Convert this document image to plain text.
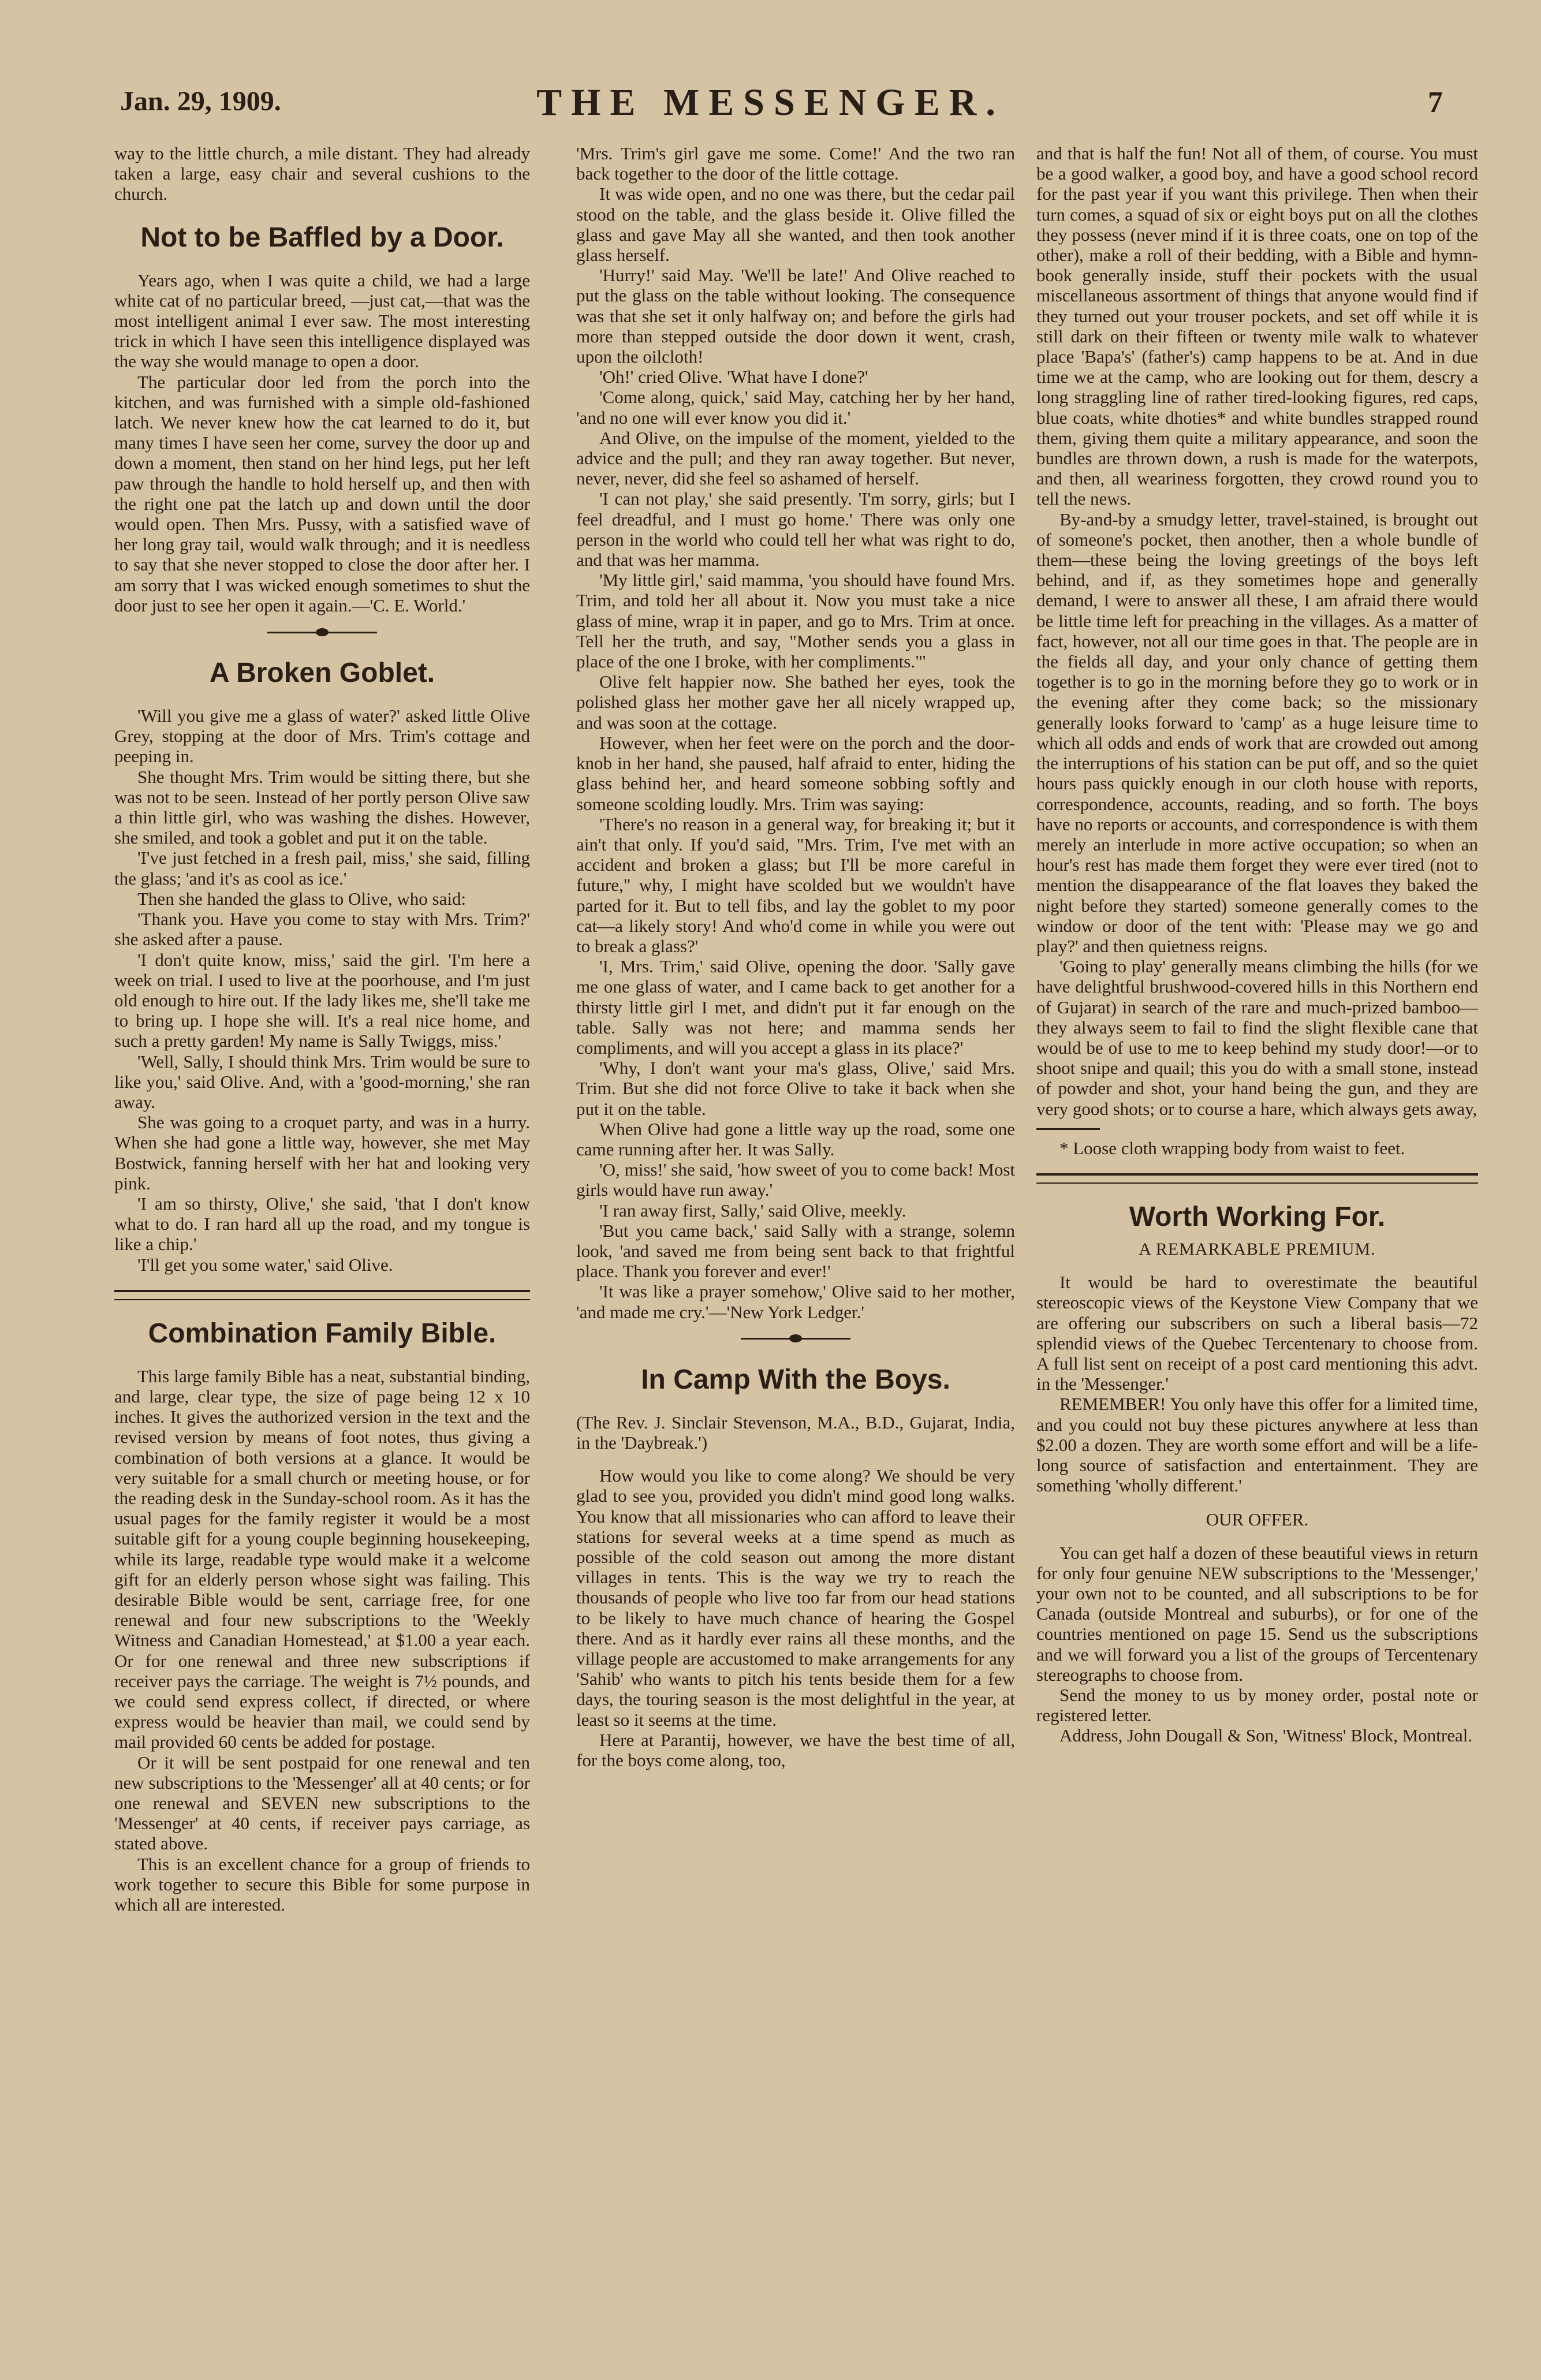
Jan. 29, 1909.	THE MESSENGER.	7

way to the little church, a mile distant. They had already taken a large, easy chair and several cushions to the church.

Not to be Baffled by a Door.

Years ago, when I was quite a child, we had a large white cat of no particular breed, —just cat,—that was the most intelligent animal I ever saw. The most interesting trick in which I have seen this intelligence displayed was the way she would manage to open a door.

The particular door led from the porch into the kitchen, and was furnished with a simple old-fashioned latch. We never knew how the cat learned to do it, but many times I have seen her come, survey the door up and down a moment, then stand on her hind legs, put her left paw through the handle to hold herself up, and then with the right one pat the latch up and down until the door would open. Then Mrs. Pussy, with a satisfied wave of her long gray tail, would walk through; and it is needless to say that she never stopped to close the door after her. I am sorry that I was wicked enough sometimes to shut the door just to see her open it again.—'C. E. World.'

A Broken Goblet.

'Will you give me a glass of water?' asked little Olive Grey, stopping at the door of Mrs. Trim's cottage and peeping in.

She thought Mrs. Trim would be sitting there, but she was not to be seen. Instead of her portly person Olive saw a thin little girl, who was washing the dishes. However, she smiled, and took a goblet and put it on the table.

'I've just fetched in a fresh pail, miss,' she said, filling the glass; 'and it's as cool as ice.'

Then she handed the glass to Olive, who said:

'Thank you. Have you come to stay with Mrs. Trim?' she asked after a pause.

'I don't quite know, miss,' said the girl. 'I'm here a week on trial. I used to live at the poorhouse, and I'm just old enough to hire out. If the lady likes me, she'll take me to bring up. I hope she will. It's a real nice home, and such a pretty garden! My name is Sally Twiggs, miss.'

'Well, Sally, I should think Mrs. Trim would be sure to like you,' said Olive. And, with a 'good-morning,' she ran away.

She was going to a croquet party, and was in a hurry. When she had gone a little way, however, she met May Bostwick, fanning herself with her hat and looking very pink.

'I am so thirsty, Olive,' she said, 'that I don't know what to do. I ran hard all up the road, and my tongue is like a chip.'

'I'll get you some water,' said Olive.

Combination Family Bible.

This large family Bible has a neat, substantial binding, and large, clear type, the size of page being 12 x 10 inches. It gives the authorized version in the text and the revised version by means of foot notes, thus giving a combination of both versions at a glance. It would be very suitable for a small church or meeting house, or for the reading desk in the Sunday-school room. As it has the usual pages for the family register it would be a most suitable gift for a young couple beginning housekeeping, while its large, readable type would make it a welcome gift for an elderly person whose sight was failing. This desirable Bible would be sent, carriage free, for one renewal and four new subscriptions to the 'Weekly Witness and Canadian Homestead,' at $1.00 a year each. Or for one renewal and three new subscriptions if receiver pays the carriage. The weight is 7½ pounds, and we could send express collect, if directed, or where express would be heavier than mail, we could send by mail provided 60 cents be added for postage.

Or it will be sent postpaid for one renewal and ten new subscriptions to the 'Messenger' all at 40 cents; or for one renewal and SEVEN new subscriptions to the 'Messenger' at 40 cents, if receiver pays carriage, as stated above.

This is an excellent chance for a group of friends to work together to secure this Bible for some purpose in which all are interested.

'Mrs. Trim's girl gave me some. Come!' And the two ran back together to the door of the little cottage.

It was wide open, and no one was there, but the cedar pail stood on the table, and the glass beside it. Olive filled the glass and gave May all she wanted, and then took another glass herself.

'Hurry!' said May. 'We'll be late!' And Olive reached to put the glass on the table without looking. The consequence was that she set it only halfway on; and before the girls had more than stepped outside the door down it went, crash, upon the oilcloth!

'Oh!' cried Olive. 'What have I done?'

'Come along, quick,' said May, catching her by her hand, 'and no one will ever know you did it.'

And Olive, on the impulse of the moment, yielded to the advice and the pull; and they ran away together. But never, never, never, did she feel so ashamed of herself.

'I can not play,' she said presently. 'I'm sorry, girls; but I feel dreadful, and I must go home.' There was only one person in the world who could tell her what was right to do, and that was her mamma.

'My little girl,' said mamma, 'you should have found Mrs. Trim, and told her all about it. Now you must take a nice glass of mine, wrap it in paper, and go to Mrs. Trim at once. Tell her the truth, and say, "Mother sends you a glass in place of the one I broke, with her compliments."'

Olive felt happier now. She bathed her eyes, took the polished glass her mother gave her all nicely wrapped up, and was soon at the cottage.

However, when her feet were on the porch and the door-knob in her hand, she paused, half afraid to enter, hiding the glass behind her, and heard someone sobbing softly and someone scolding loudly. Mrs. Trim was saying:

'There's no reason in a general way, for breaking it; but it ain't that only. If you'd said, "Mrs. Trim, I've met with an accident and broken a glass; but I'll be more careful in future," why, I might have scolded but we wouldn't have parted for it. But to tell fibs, and lay the goblet to my poor cat—a likely story! And who'd come in while you were out to break a glass?'

'I, Mrs. Trim,' said Olive, opening the door. 'Sally gave me one glass of water, and I came back to get another for a thirsty little girl I met, and didn't put it far enough on the table. Sally was not here; and mamma sends her compliments, and will you accept a glass in its place?'

'Why, I don't want your ma's glass, Olive,' said Mrs. Trim. But she did not force Olive to take it back when she put it on the table.

When Olive had gone a little way up the road, some one came running after her. It was Sally.

'O, miss!' she said, 'how sweet of you to come back! Most girls would have run away.'

'I ran away first, Sally,' said Olive, meekly.

'But you came back,' said Sally with a strange, solemn look, 'and saved me from being sent back to that frightful place. Thank you forever and ever!'

'It was like a prayer somehow,' Olive said to her mother, 'and made me cry.'—'New York Ledger.'

In Camp With the Boys.

(The Rev. J. Sinclair Stevenson, M.A., B.D., Gujarat, India, in the 'Daybreak.')

How would you like to come along? We should be very glad to see you, provided you didn't mind good long walks. You know that all missionaries who can afford to leave their stations for several weeks at a time spend as much as possible of the cold season out among the more distant villages in tents. This is the way we try to reach the thousands of people who live too far from our head stations to be likely to have much chance of hearing the Gospel there. And as it hardly ever rains all these months, and the village people are accustomed to make arrangements for any 'Sahib' who wants to pitch his tents beside them for a few days, the touring season is the most delightful in the year, at least so it seems at the time.

Here at Parantij, however, we have the best time of all, for the boys come along, too,

and that is half the fun! Not all of them, of course. You must be a good walker, a good boy, and have a good school record for the past year if you want this privilege. Then when their turn comes, a squad of six or eight boys put on all the clothes they possess (never mind if it is three coats, one on top of the other), make a roll of their bedding, with a Bible and hymn-book generally inside, stuff their pockets with the usual miscellaneous assortment of things that anyone would find if they turned out your trouser pockets, and set off while it is still dark on their fifteen or twenty mile walk to whatever place 'Bapa's' (father's) camp happens to be at. And in due time we at the camp, who are looking out for them, descry a long straggling line of rather tired-looking figures, red caps, blue coats, white dhoties* and white bundles strapped round them, giving them quite a military appearance, and soon the bundles are thrown down, a rush is made for the waterpots, and then, all weariness forgotten, they crowd round you to tell the news.

By-and-by a smudgy letter, travel-stained, is brought out of someone's pocket, then another, then a whole bundle of them—these being the loving greetings of the boys left behind, and if, as they sometimes hope and generally demand, I were to answer all these, I am afraid there would be little time left for preaching in the villages. As a matter of fact, however, not all our time goes in that. The people are in the fields all day, and your only chance of getting them together is to go in the morning before they go to work or in the evening after they come back; so the missionary generally looks forward to 'camp' as a huge leisure time to which all odds and ends of work that are crowded out among the interruptions of his station can be put off, and so the quiet hours pass quickly enough in our cloth house with reports, correspondence, accounts, reading, and so forth. The boys have no reports or accounts, and correspondence is with them merely an interlude in more active occupation; so when an hour's rest has made them forget they were ever tired (not to mention the disappearance of the flat loaves they baked the night before they started) someone generally comes to the window or door of the tent with: 'Please may we go and play?' and then quietness reigns.

'Going to play' generally means climbing the hills (for we have delightful brushwood-covered hills in this Northern end of Gujarat) in search of the rare and much-prized bamboo—they always seem to fail to find the slight flexible cane that would be of use to me to keep behind my study door!—or to shoot snipe and quail; this you do with a small stone, instead of powder and shot, your hand being the gun, and they are very good shots; or to course a hare, which always gets away,

* Loose cloth wrapping body from waist to feet.

Worth Working For.
A REMARKABLE PREMIUM.

It would be hard to overestimate the beautiful stereoscopic views of the Keystone View Company that we are offering our subscribers on such a liberal basis—72 splendid views of the Quebec Tercentenary to choose from. A full list sent on receipt of a post card mentioning this advt. in the 'Messenger.'

REMEMBER! You only have this offer for a limited time, and you could not buy these pictures anywhere at less than $2.00 a dozen. They are worth some effort and will be a life-long source of satisfaction and entertainment. They are something 'wholly different.'

OUR OFFER.

You can get half a dozen of these beautiful views in return for only four genuine NEW subscriptions to the 'Messenger,' your own not to be counted, and all subscriptions to be for Canada (outside Montreal and suburbs), or for one of the countries mentioned on page 15. Send us the subscriptions and we will forward you a list of the groups of Tercentenary stereographs to choose from.

Send the money to us by money order, postal note or registered letter.

Address, John Dougall & Son, 'Witness' Block, Montreal.
